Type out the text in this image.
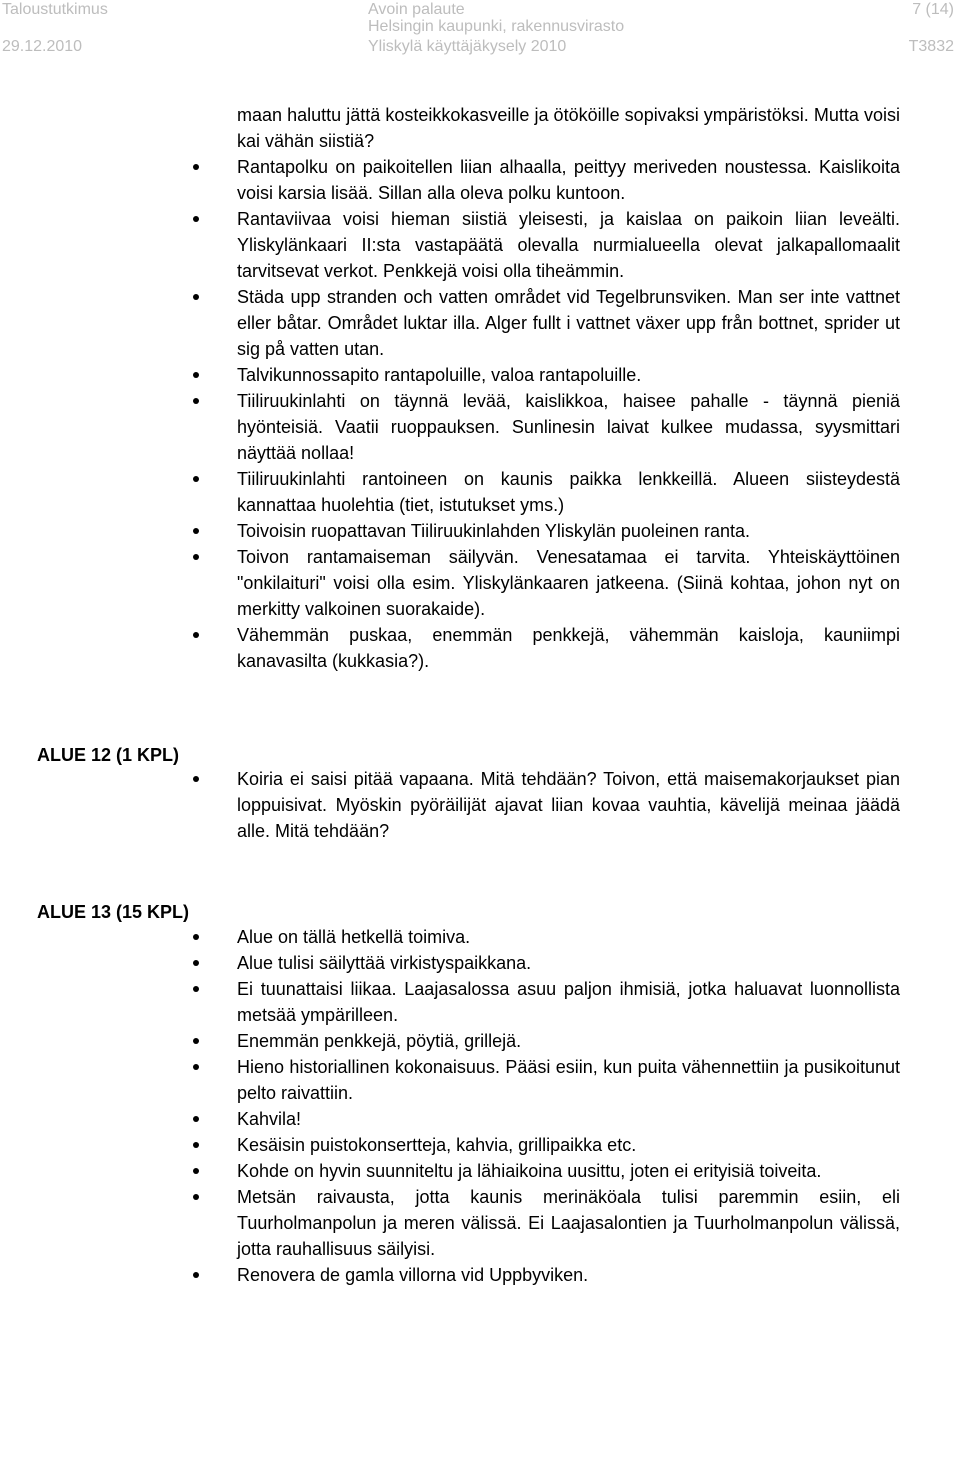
Taloustutkimus	Avoin palaute
Helsingin kaupunki, rakennusvirasto
7 (14)
29.12.2010	Yliskylä käyttäjäkysely 2010	T3832
maan haluttu jättä kosteikkokasveille ja ötököille sopivaksi ympäristöksi. Mutta voisi kai vähän siistiä?
Rantapolku on paikoitellen liian alhaalla, peittyy meriveden noustessa. Kaislikoita voisi karsia lisää. Sillan alla oleva polku kuntoon.
Rantaviivaa voisi hieman siistiä yleisesti, ja kaislaa on paikoin liian leveälti. Yliskylänkaari II:sta vastapäätä olevalla nurmialueella olevat jalkapallomaalit tarvitsevat verkot. Penkkejä voisi olla tiheämmin.
Städa upp stranden och vatten området vid Tegelbrunsviken. Man ser inte vattnet eller båtar. Området luktar illa. Alger fullt i vattnet växer upp från bottnet, sprider ut sig på vatten utan.
Talvikunnossapito rantapoluille, valoa rantapoluille.
Tiiliruukinlahti on täynnä levää, kaislikkoa, haisee pahalle - täynnä pieniä hyönteisiä. Vaatii ruoppauksen. Sunlinesin laivat kulkee mudassa, syysmittari näyttää nollaa!
Tiiliruukinlahti rantoineen on kaunis paikka lenkkeillä. Alueen siisteydestä kannattaa huolehtia (tiet, istutukset yms.)
Toivoisin ruopattavan Tiiliruukinlahden Yliskylän puoleinen ranta.
Toivon rantamaiseman säilyvän. Venesatamaa ei tarvita. Yhteiskäyttöinen "onkilaituri" voisi olla esim. Yliskylänkaaren jatkeena. (Siinä kohtaa, johon nyt on merkitty valkoinen suorakaide).
Vähemmän puskaa, enemmän penkkejä, vähemmän kaisloja, kauniimpi kanavasilta (kukkasia?).
ALUE 12 (1 KPL)
Koiria ei saisi pitää vapaana. Mitä tehdään? Toivon, että maisemakorjaukset pian loppuisivat. Myöskin pyöräilijät ajavat liian kovaa vauhtia, kävelijä meinaa jäädä alle. Mitä tehdään?
ALUE 13 (15 KPL)
Alue on tällä hetkellä toimiva.
Alue tulisi säilyttää virkistyspaikkana.
Ei tuunattaisi liikaa. Laajasalossa asuu paljon ihmisiä, jotka haluavat luonnollista metsää ympärilleen.
Enemmän penkkejä, pöytiä, grillejä.
Hieno historiallinen kokonaisuus. Pääsi esiin, kun puita vähennettiin ja pusikoitunut pelto raivattiin.
Kahvila!
Kesäisin puistokonsertteja, kahvia, grillipaikka etc.
Kohde on hyvin suunniteltu ja lähiaikoina uusittu, joten ei erityisiä toiveita.
Metsän raivausta, jotta kaunis merinäköala tulisi paremmin esiin, eli Tuurholmanpolun ja meren välissä. Ei Laajasalontien ja Tuurholmanpolun välissä, jotta rauhallisuus säilyisi.
Renovera de gamla villorna vid Uppbyviken.
